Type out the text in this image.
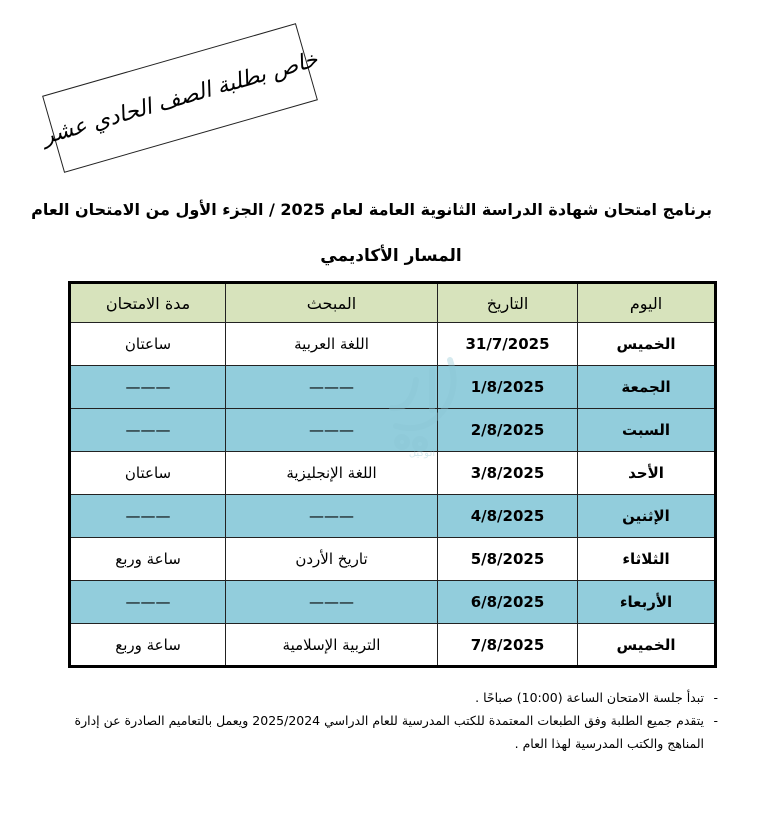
خاص بطلبة الصف الحادي عشر
برنامج امتحان شهادة الدراسة الثانوية العامة لعام 2025 / الجزء الأول من الامتحان العام
المسار الأكاديمي
اليوم	التاريخ	المبحث	مدة الامتحان
الخميس	31/7/2025	اللغة العربية	ساعتان
الجمعة	1/8/2025	———	———
السبت	2/8/2025	———	———
الأحد	3/8/2025	اللغة الإنجليزية	ساعتان
الإثنين	4/8/2025	———	———
الثلاثاء	5/8/2025	تاريخ الأردن	ساعة وربع
الأربعاء	6/8/2025	———	———
الخميس	7/8/2025	التربية الإسلامية	ساعة وربع
الوكيل
-
تبدأ جلسة الامتحان الساعة (10:00) صباحًا .
-
يتقدم جميع الطلبة وفق الطبعات المعتمدة للكتب المدرسية للعام الدراسي 2025/2024 ويعمل بالتعاميم الصادرة عن إدارة المناهج والكتب المدرسية لهذا العام .
